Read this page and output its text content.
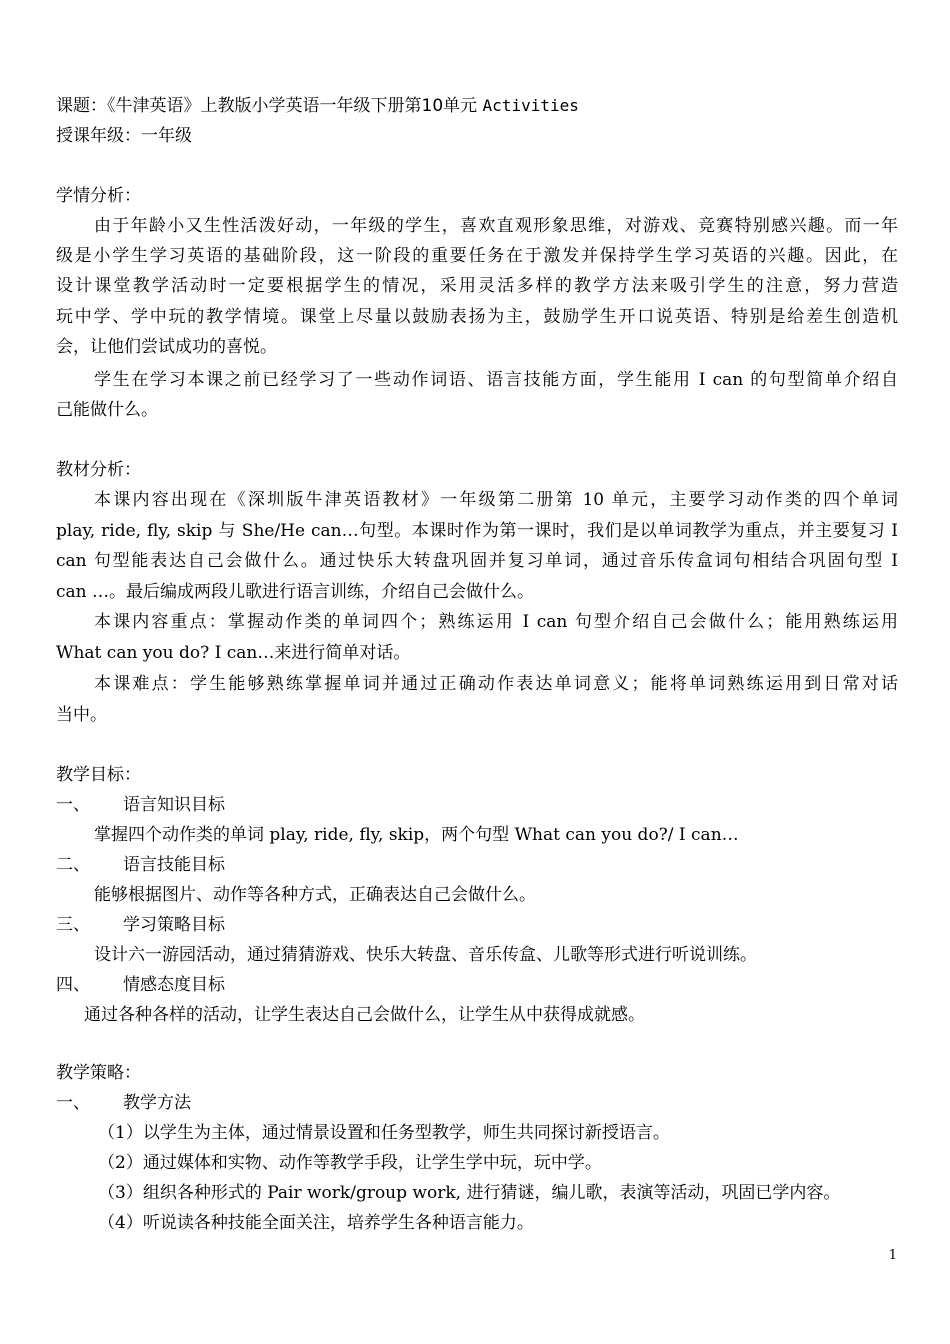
课题：《牛津英语》上教版小学英语一年级下册第10单元 Activities
授课年级：一年级
学情分析：
由于年龄小又生性活泼好动，一年级的学生，喜欢直观形象思维，对游戏、竞赛特别感兴趣。而一年
级是小学生学习英语的基础阶段，这一阶段的重要任务在于激发并保持学生学习英语的兴趣。因此，在
设计课堂教学活动时一定要根据学生的情况，采用灵活多样的教学方法来吸引学生的注意，努力营造
玩中学、学中玩的教学情境。课堂上尽量以鼓励表扬为主，鼓励学生开口说英语、特别是给差生创造机
会，让他们尝试成功的喜悦。
学生在学习本课之前已经学习了一些动作词语、语言技能方面，学生能用 I can 的句型简单介绍自
己能做什么。
教材分析：
本课内容出现在《深圳版牛津英语教材》一年级第二册第 10 单元，主要学习动作类的四个单词
play, ride, fly, skip 与 She/He can…句型。本课时作为第一课时，我们是以单词教学为重点，并主要复习 I
can 句型能表达自己会做什么。通过快乐大转盘巩固并复习单词，通过音乐传盒词句相结合巩固句型 I
can …。最后编成两段儿歌进行语言训练，介绍自己会做什么。
本课内容重点：掌握动作类的单词四个；熟练运用 I can 句型介绍自己会做什么；能用熟练运用
What can you do? I can…来进行简单对话。
本课难点：学生能够熟练掌握单词并通过正确动作表达单词意义；能将单词熟练运用到日常对话
当中。
教学目标：
一、 语言知识目标
掌握四个动作类的单词 play, ride, fly, skip，两个句型 What can you do?/ I can…
二、 语言技能目标
能够根据图片、动作等各种方式，正确表达自己会做什么。
三、 学习策略目标
设计六一游园活动，通过猜猜游戏、快乐大转盘、音乐传盒、儿歌等形式进行听说训练。
四、 情感态度目标
通过各种各样的活动，让学生表达自己会做什么，让学生从中获得成就感。
教学策略：
一、 教学方法
（1）以学生为主体，通过情景设置和任务型教学，师生共同探讨新授语言。
（2）通过媒体和实物、动作等教学手段，让学生学中玩，玩中学。
（3）组织各种形式的 Pair work/group work, 进行猜谜，编儿歌，表演等活动，巩固已学内容。
（4）听说读各种技能全面关注，培养学生各种语言能力。
1
